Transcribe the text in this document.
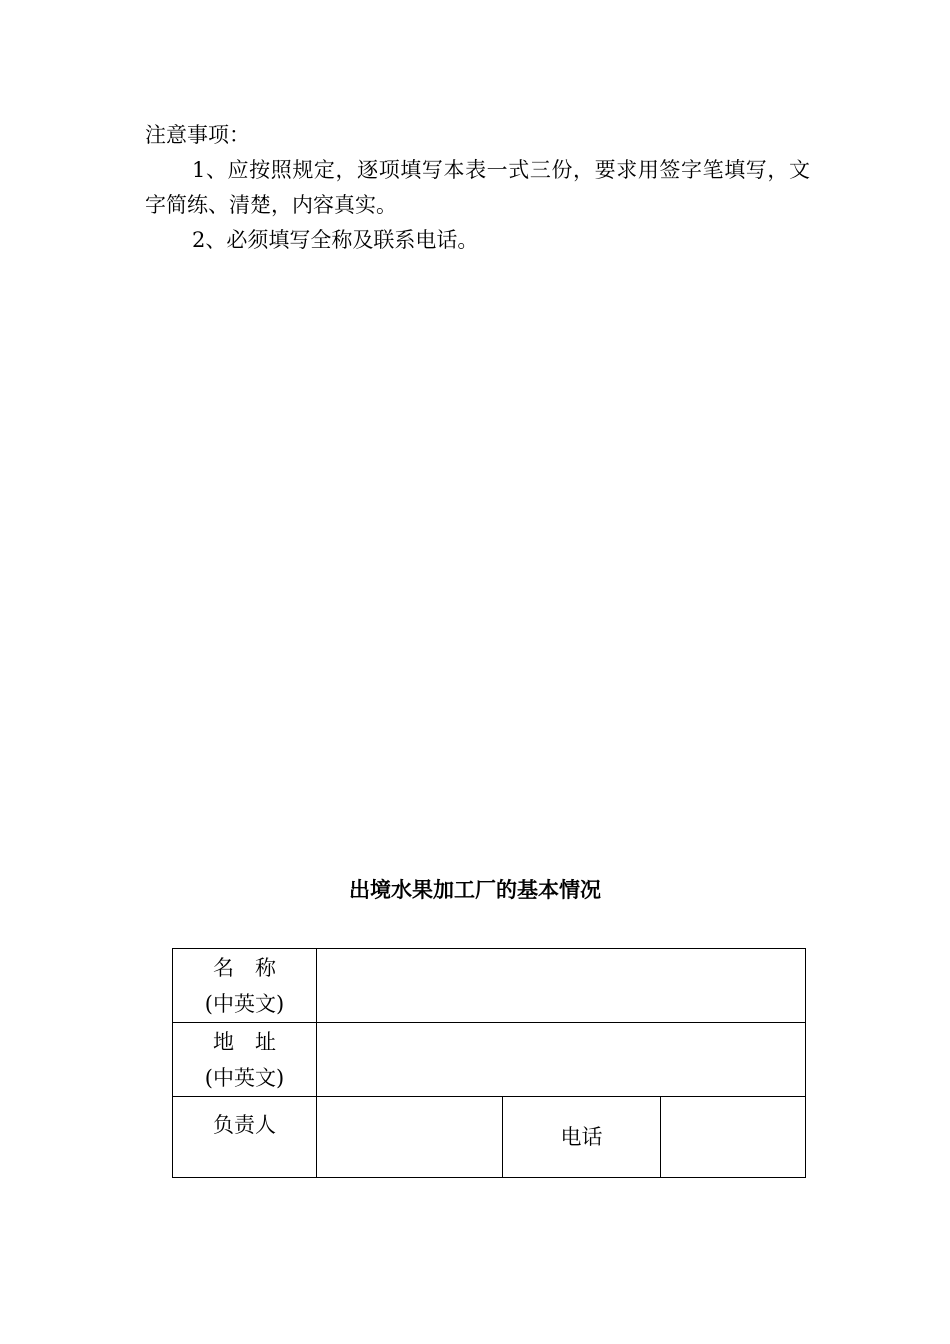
注意事项：

1、应按照规定，逐项填写本表一式三份，要求用签字笔填写，文字简练、清楚，内容真实。

2、必须填写全称及联系电话。

出境水果加工厂的基本情况
名　称
(中英文)			

地　址
(中英文)			

负责人		电话	
